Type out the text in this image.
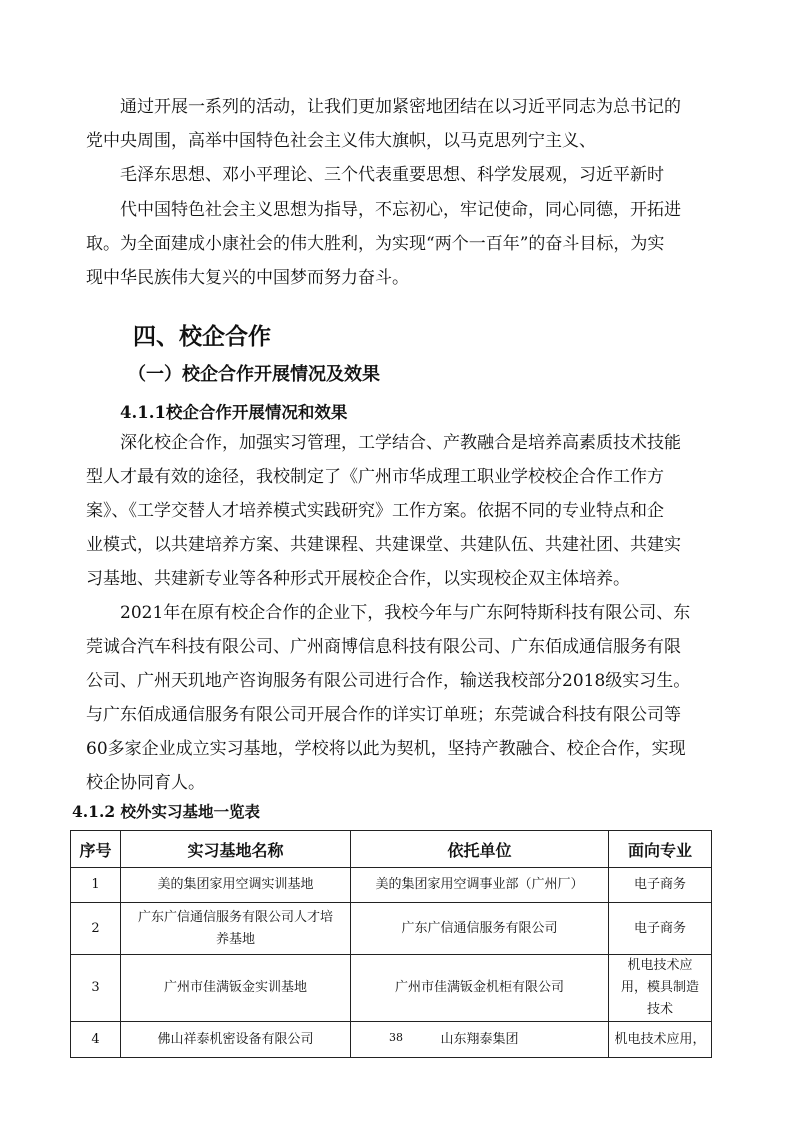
通过开展一系列的活动，让我们更加紧密地团结在以习近平同志为总书记的
党中央周围，高举中国特色社会主义伟大旗帜，以马克思列宁主义、
毛泽东思想、邓小平理论、三个代表重要思想、科学发展观，习近平新时
代中国特色社会主义思想为指导，不忘初心，牢记使命，同心同德，开拓进
取。为全面建成小康社会的伟大胜利，为实现“两个一百年”的奋斗目标，为实
现中华民族伟大复兴的中国梦而努力奋斗。
四、校企合作
（一）校企合作开展情况及效果
4.1.1校企合作开展情况和效果
深化校企合作，加强实习管理，工学结合、产教融合是培养高素质技术技能
型人才最有效的途径，我校制定了《广州市华成理工职业学校校企合作工作方
案》、《工学交替人才培养模式实践研究》工作方案。依据不同的专业特点和企
业模式，以共建培养方案、共建课程、共建课堂、共建队伍、共建社团、共建实
习基地、共建新专业等各种形式开展校企合作，以实现校企双主体培养。
2021年在原有校企合作的企业下，我校今年与广东阿特斯科技有限公司、东
莞诚合汽车科技有限公司、广州商博信息科技有限公司、广东佰成通信服务有限
公司、广州天玑地产咨询服务有限公司进行合作，输送我校部分2018级实习生。
与广东佰成通信服务有限公司开展合作的详实订单班；东莞诚合科技有限公司等
60多家企业成立实习基地，学校将以此为契机，坚持产教融合、校企合作，实现
校企协同育人。
4.1.2 校外实习基地一览表
序号	实习基地名称	依托单位	面向专业
1	美的集团家用空调实训基地	美的集团家用空调事业部（广州厂）	电子商务
2	广东广信通信服务有限公司人才培养基地	广东广信通信服务有限公司	电子商务
3	广州市佳满钣金实训基地	广州市佳满钣金机柜有限公司	机电技术应用，模具制造技术
4	佛山祥泰机密设备有限公司	山东翔泰集团	机电技术应用，
38
